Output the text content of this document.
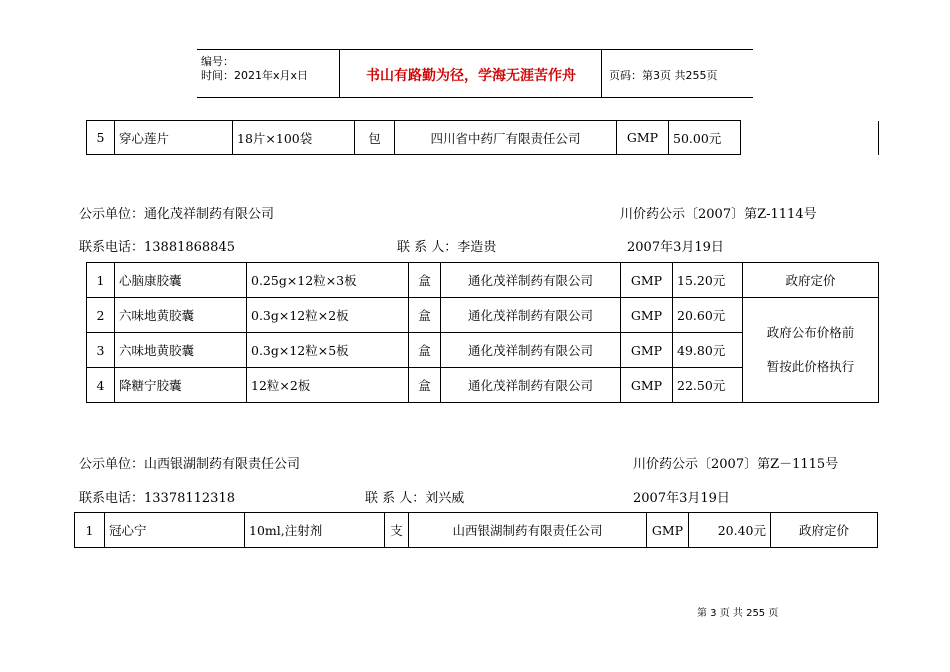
编号：
时间：2021年x月x日	书山有路勤为径，学海无涯苦作舟	页码：第3页 共255页
5	穿心莲片	18片×100袋	包	四川省中药厂有限责任公司	GMP	50.00元	
公示单位：通化茂祥制药有限公司	川价药公示〔2007〕第Z-1114号
联系电话：13881868845	联 系 人：李造贵	2007年3月19日
1	心脑康胶囊	0.25g×12粒×3板	盒	通化茂祥制药有限公司	GMP	15.20元	政府定价
2	六味地黄胶囊	0.3g×12粒×2板	盒	通化茂祥制药有限公司	GMP	20.60元	政府公布价格前
暂按此价格执行

3	六味地黄胶囊	0.3g×12粒×5板	盒	通化茂祥制药有限公司	GMP	49.80元	
4	降糖宁胶囊	12粒×2板	盒	通化茂祥制药有限公司	GMP	22.50元	
公示单位：山西银湖制药有限责任公司	川价药公示〔2007〕第Z－1115号
联系电话：13378112318	联 系 人：刘兴威	2007年3月19日
1	冠心宁	10ml,注射剂	支	山西银湖制药有限责任公司	GMP	20.40元	政府定价
第 3 页 共 255 页
